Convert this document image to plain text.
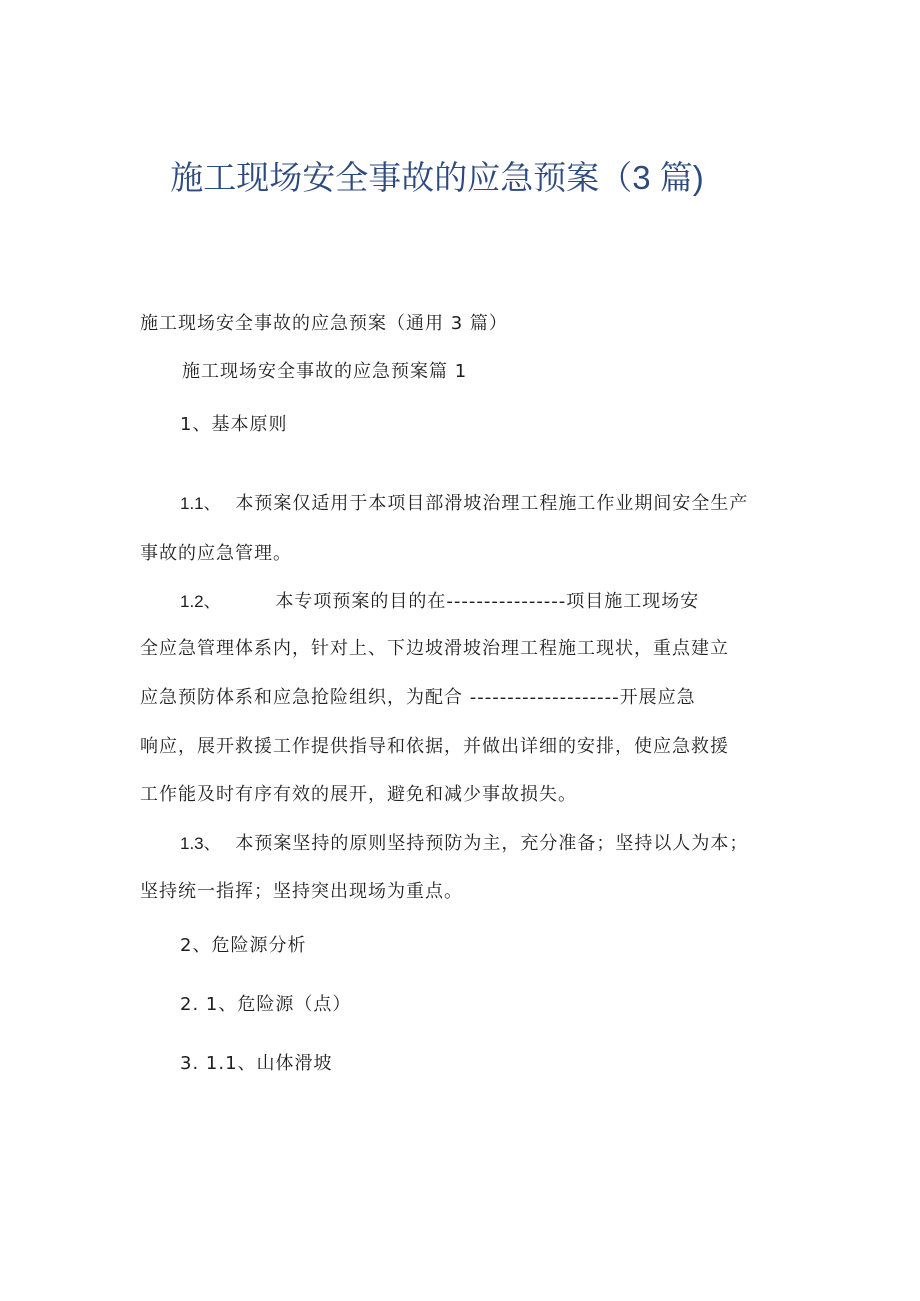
施工现场安全事故的应急预案（3 篇)
施工现场安全事故的应急预案（通用 3 篇）
施工现场安全事故的应急预案篇 1
1、基本原则
1.1、 本预案仅适用于本项目部滑坡治理工程施工作业期间安全生产
事故的应急管理。
1.2、	本专项预案的目的在----------------项目施工现场安
全应急管理体系内，针对上、下边坡滑坡治理工程施工现状，重点建立
应急预防体系和应急抢险组织，为配合 --------------------开展应急
响应，展开救援工作提供指导和依据，并做出详细的安排，使应急救援
工作能及时有序有效的展开，避免和减少事故损失。
1.3、 本预案坚持的原则坚持预防为主，充分准备；坚持以人为本；
坚持统一指挥；坚持突出现场为重点。
2、危险源分析
2. 1、危险源（点）
3. 1.1、山体滑坡
